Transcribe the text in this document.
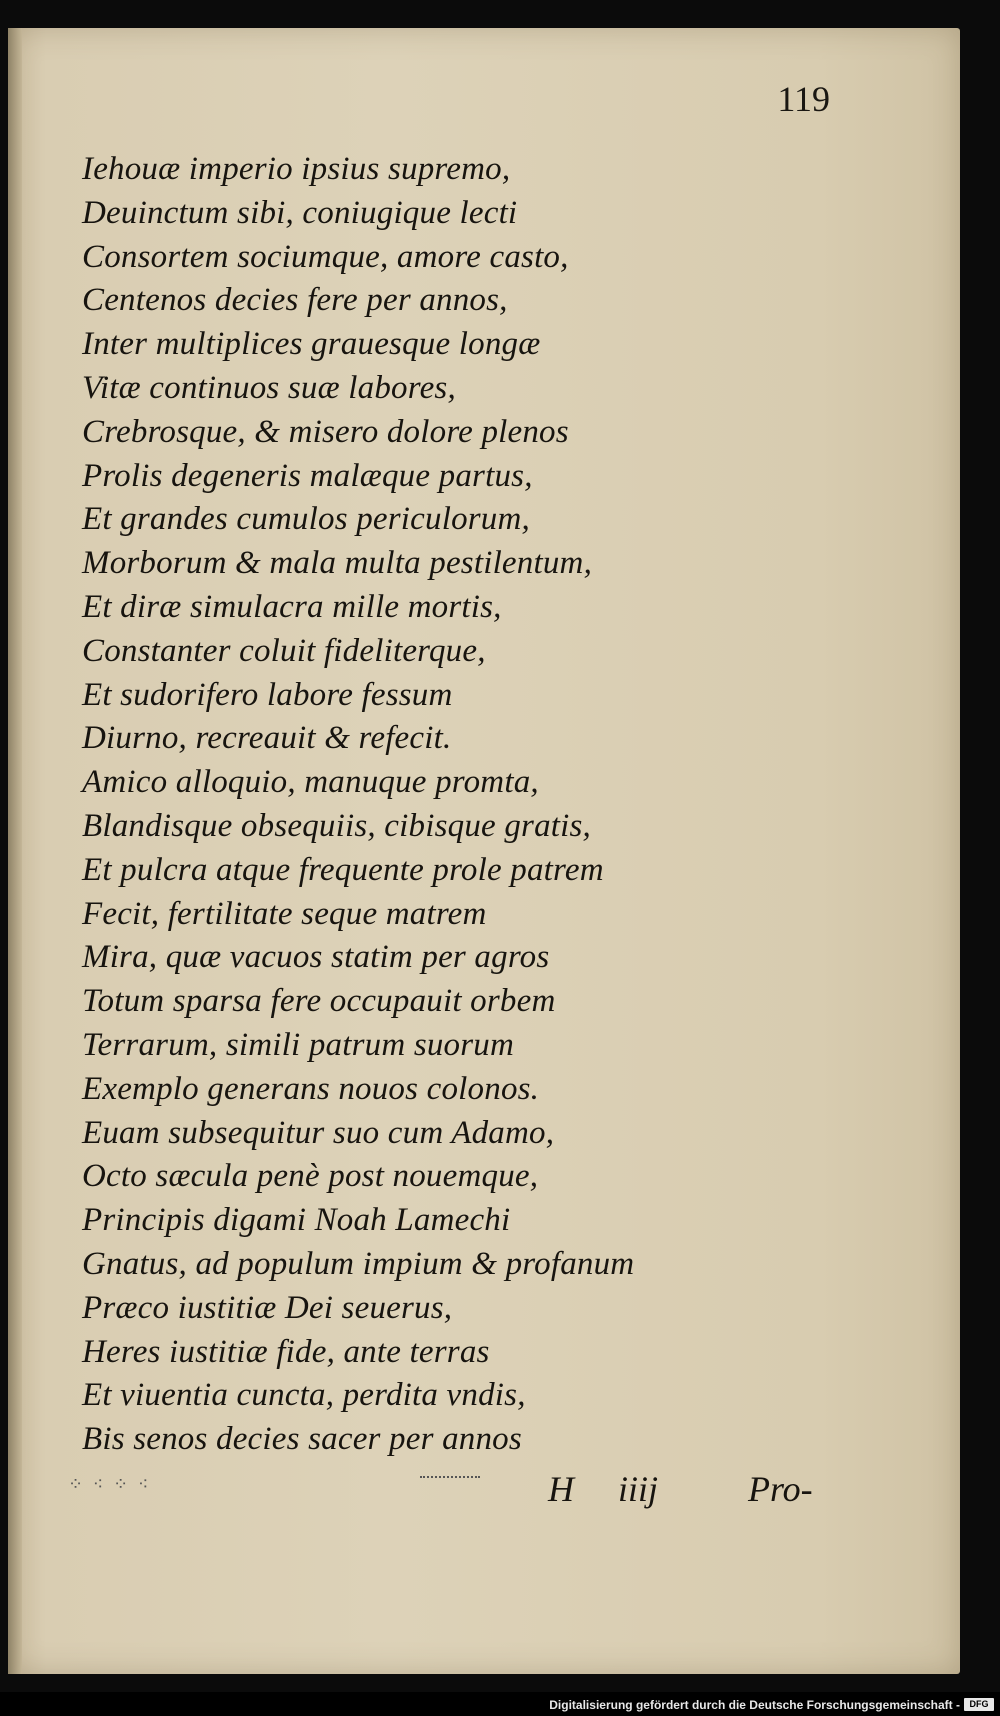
119
Iehouæ imperio ipsius supremo,
Deuinctum sibi, coniugique lecti
Consortem sociumque, amore casto,
Centenos decies fere per annos,
Inter multiplices grauesque longæ
Vitæ continuos suæ labores,
Crebrosque, & misero dolore plenos
Prolis degeneris malæque partus,
Et grandes cumulos periculorum,
Morborum & mala multa pestilentum,
Et diræ simulacra mille mortis,
Constanter coluit fideliterque,
Et sudorifero labore fessum
Diurno, recreauit & refecit.
Amico alloquio, manuque promta,
Blandisque obsequiis, cibisque gratis,
Et pulcra atque frequente prole patrem
Fecit, fertilitate seque matrem
Mira, quæ vacuos statim per agros
Totum sparsa fere occupauit orbem
Terrarum, simili patrum suorum
Exemplo generans nouos colonos.
Euam subsequitur suo cum Adamo,
Octo sæcula penè post nouemque,
Principis digami Noah Lamechi
Gnatus, ad populum impium & profanum
Præco iustitiæ Dei seuerus,
Heres iustitiæ fide, ante terras
Et viuentia cuncta, perdita vndis,
Bis senos decies sacer per annos
⁘ ⁖ ⁘ ⁖	H iiij Pro-
Digitalisierung gefördert durch die Deutsche Forschungsgemeinschaft -	DFG
